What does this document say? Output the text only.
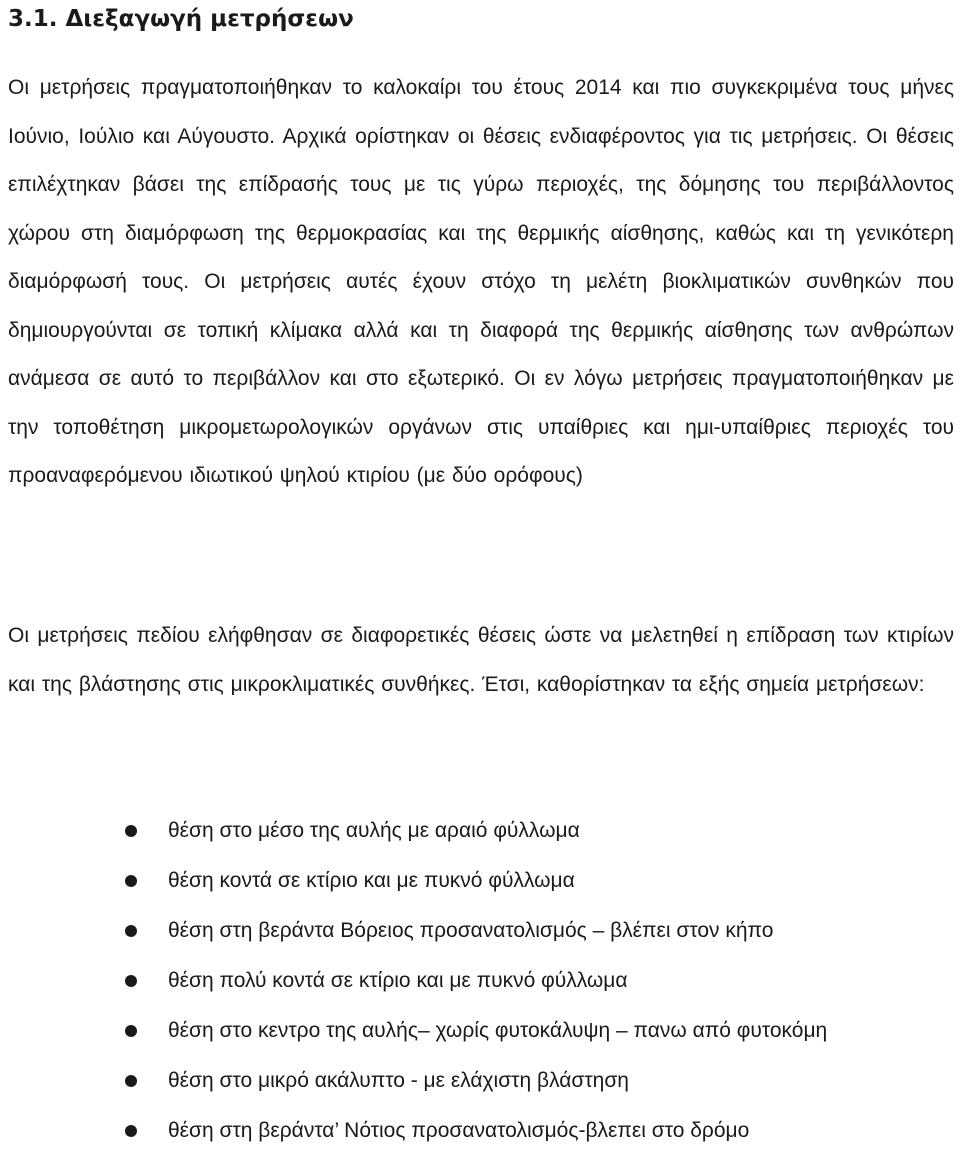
3.1. Διεξαγωγή μετρήσεων

Οι μετρήσεις πραγματοποιήθηκαν το καλοκαίρι του έτους 2014 και πιο συγκεκριμένα τους μήνες Ιούνιο, Ιούλιο και Αύγουστο. Αρχικά ορίστηκαν οι θέσεις ενδιαφέροντος για τις μετρήσεις. Οι θέσεις επιλέχτηκαν βάσει της επίδρασής τους με τις γύρω περιοχές, της δόμησης του περιβάλλοντος χώρου στη διαμόρφωση της θερμοκρασίας και της θερμικής αίσθησης, καθώς και τη γενικότερη διαμόρφωσή τους. Οι μετρήσεις αυτές έχουν στόχο τη μελέτη βιοκλιματικών συνθηκών που δημιουργούνται σε τοπική κλίμακα αλλά και τη διαφορά της θερμικής αίσθησης των ανθρώπων ανάμεσα σε αυτό το περιβάλλον και στο εξωτερικό. Οι εν λόγω μετρήσεις πραγματοποιήθηκαν με την τοποθέτηση μικρομετωρολογικών οργάνων στις υπαίθριες και ημι-υπαίθριες περιοχές του προαναφερόμενου ιδιωτικού ψηλού κτιρίου (με δύο ορόφους)

Οι μετρήσεις πεδίου ελήφθησαν σε διαφορετικές θέσεις ώστε να μελετηθεί η επίδραση των κτιρίων και της βλάστησης στις μικροκλιματικές συνθήκες. Έτσι, καθορίστηκαν τα εξής σημεία μετρήσεων:

θέση στο μέσο της αυλής με αραιό φύλλωμα
θέση κοντά σε κτίριο και με πυκνό φύλλωμα
θέση στη βεράντα Βόρειος προσανατολισμός – βλέπει στον κήπο
θέση πολύ κοντά σε κτίριο και με πυκνό φύλλωμα
θέση στο κεντρο της αυλής– χωρίς φυτοκάλυψη – πανω από φυτοκόμη
θέση στο μικρό ακάλυπτο - με ελάχιστη βλάστηση
θέση στη βεράντα’ Νότιος προσανατολισμός-βλεπει στο δρόμο
